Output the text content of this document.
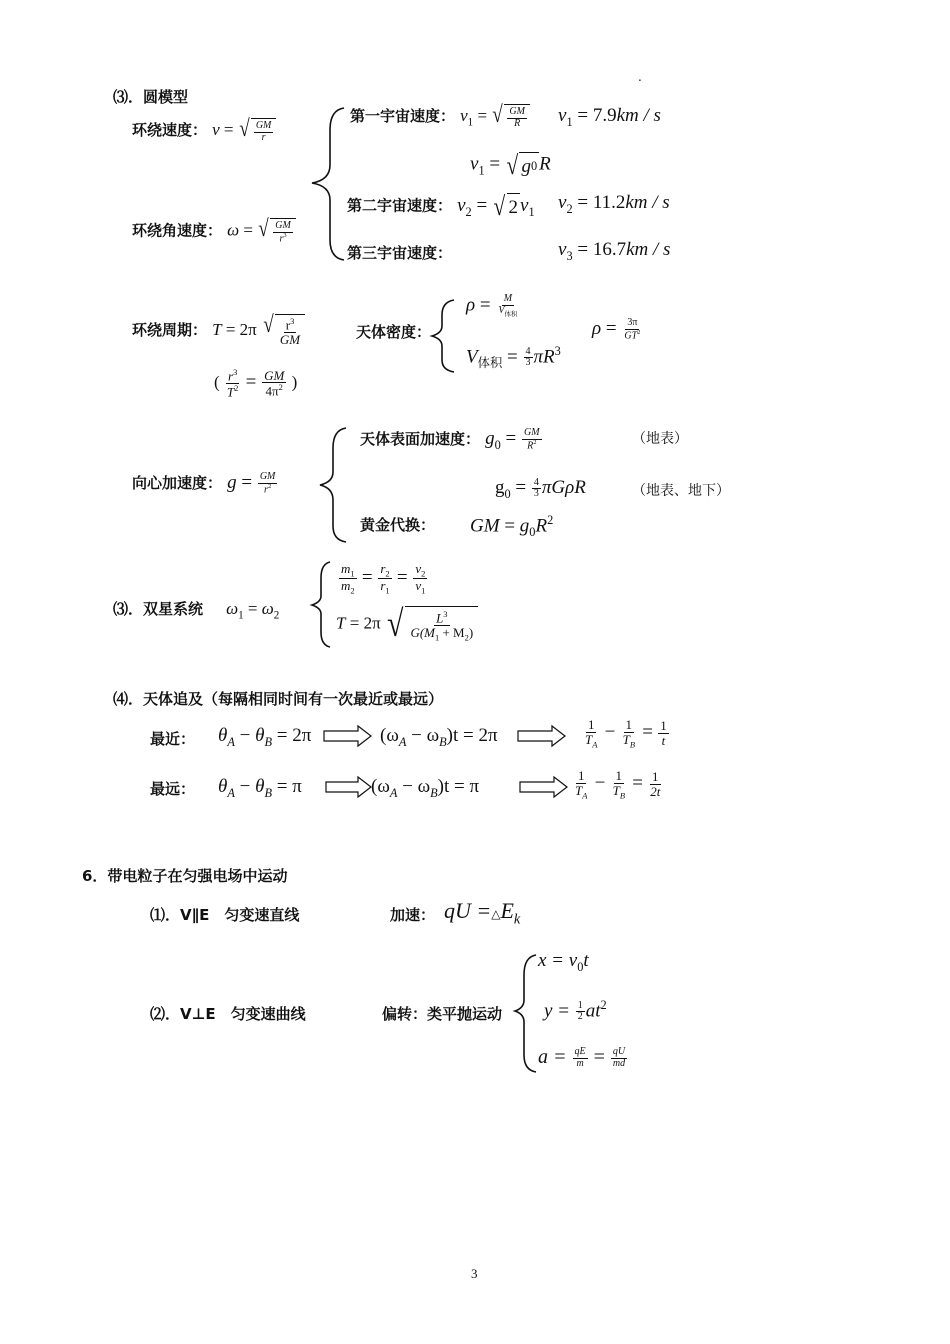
.
⑶．圆模型
环绕速度： v = √ GM
r
第一宇宙速度： $v_1$ = √ GM
R $v_1 = 7.9km / s$
$v_1$ = √ g 0 R
第二宇宙速度： $v_2$ = √ 2 $v_1$ $v_2 = 11.2km / s$
第三宇宙速度：	$v_3 = 16.7km / s$
环绕角速度： ω = √ GM
$r^3$
环绕周期： T = 2π √ $r^3$
GM
( $\frac{r^3}{T^2} = \frac{GM}{4\pi^2}$ )
天体密度：
ρ = M
$V_{体积}$
$V_{体积} = \frac{4}{3} \pi R^3$
$\rho = \frac{3\pi}{GT^2}$
天体表面加速度： $g_0 = \frac{GM}{R^2}$	（地表）
向心加速度： $g = \frac{GM}{r^2}$	$g_0 = \frac{4}{3}$ πGρR	（地表、地下）
黄金代换： GM = $g_0R^2$
⑶．双星系统 $\omega_1 = \omega_2$
$\frac{m_1}{m_2} = \frac{r_2}{r_1} = \frac{v_2}{v_1}$
T = 2π √	$L^3$
$G(M_1 + M_2)$
⑷．天体追及（每隔相同时间有一次最近或最远）
最近： $\theta_A - \theta_B = 2\pi$	$(\omega_A - \omega_B)t = 2\pi$	$\frac{1}{T_A} - \frac{1}{T_B} = \frac{1}{t}$
最远： $\theta_A - \theta_B = \pi$	$(\omega_A - \omega_B)t = \pi$	$\frac{1}{T_A} - \frac{1}{T_B} = \frac{1}{2t}$
6．带电粒子在匀强电场中运动
⑴．V∥E　匀变速直线	加速： qU $=\triangle E_k$
⑵．V⊥E　匀变速曲线	偏转：类平抛运动
$x = v_0t$
$y = \frac{1}{2} at^2$
$a = \frac{qE}{m} = \frac{qU}{md}$
3
